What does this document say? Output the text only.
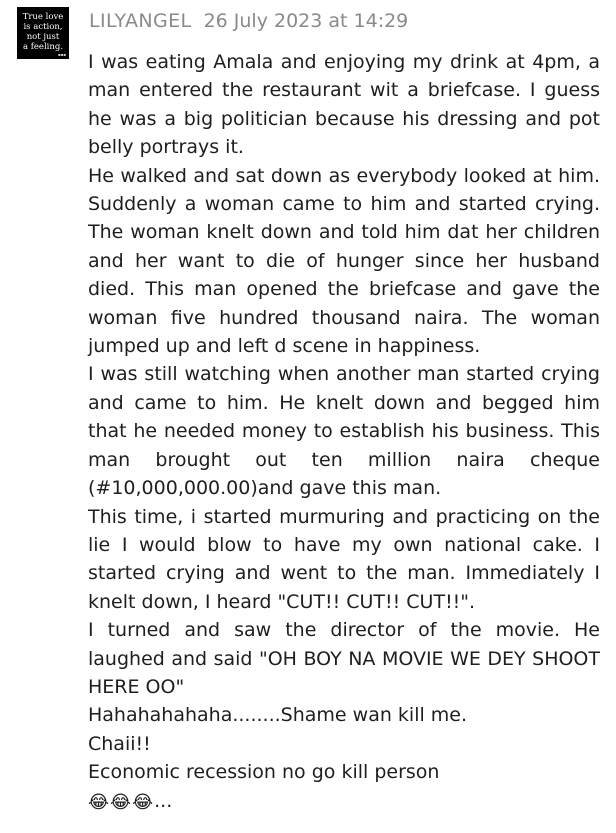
True love
is action,
not just
a feeling.
▪▪▪
LILYANGEL 26 July 2023 at 14:29

I was eating Amala and enjoying my drink at 4pm, a man entered the restaurant wit a briefcase. I guess he was a big politician because his dressing and pot belly portrays it.

He walked and sat down as everybody looked at him. Suddenly a woman came to him and started crying. The woman knelt down and told him dat her children and her want to die of hunger since her husband died. This man opened the briefcase and gave the woman five hundred thousand naira. The woman jumped up and left d scene in happiness.

I was still watching when another man started crying and came to him. He knelt down and begged him that he needed money to establish his business. This man brought out ten million naira cheque (#10,000,000.00)and gave this man.

This time, i started murmuring and practicing on the lie I would blow to have my own national cake. I started crying and went to the man. Immediately I knelt down, I heard "CUT!! CUT!! CUT!!".

I turned and saw the director of the movie. He laughed and said "OH BOY NA MOVIE WE DEY SHOOT HERE OO"

Hahahahahaha........Shame wan kill me.

Chaii!!

Economic recession no go kill person

😂😂😂...
